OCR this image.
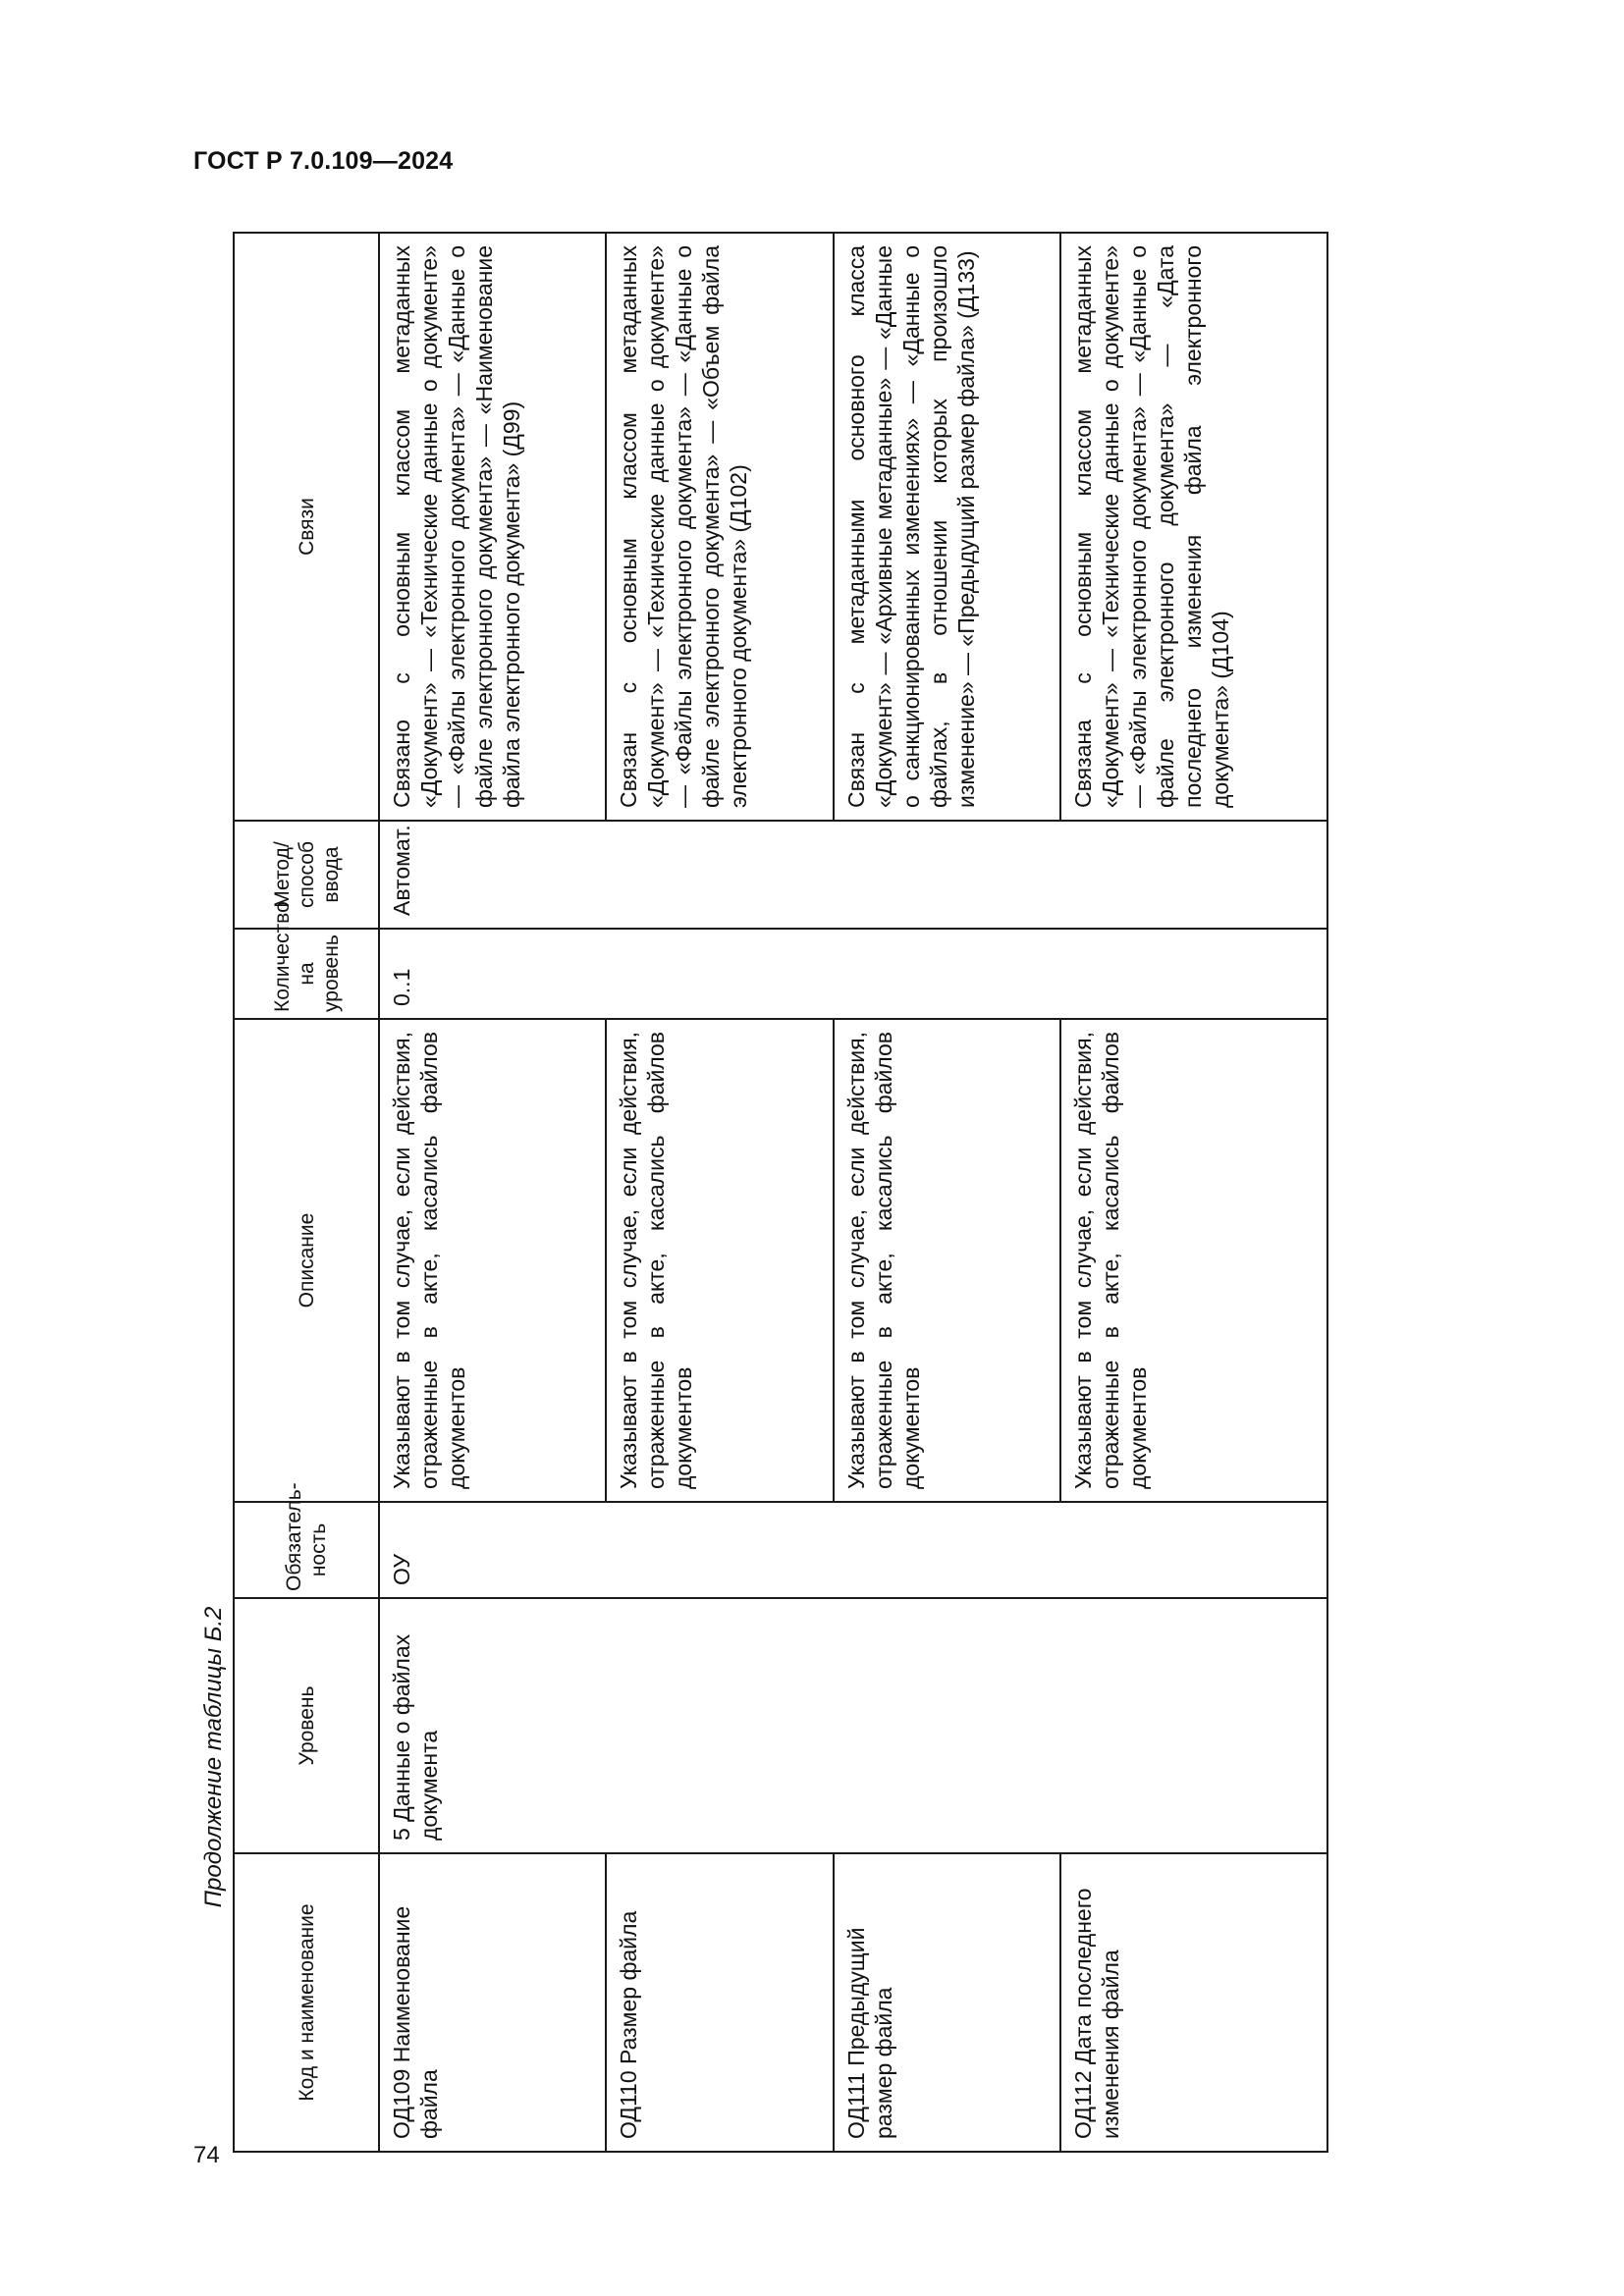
ГОСТ Р 7.0.109—2024
Продолжение таблицы Б.2
74
Код и наименование	Уровень	Обязатель-ность	Описание	Количество на уровень	Метод/ способ ввода	Связи
ОД109 Наименование файла	5 Данные о файлах документа	ОУ	Указывают в том случае, если действия, отраженные в акте, касались файлов документов	0..1	Автомат.	Связано с основным классом метаданных «Документ» — «Технические данные о документе» — «Файлы электронного документа» — «Данные о файле электронного документа» — «Наименование файла электронного документа» (Д99)
ОД110 Размер файла			Указывают в том случае, если действия, отраженные в акте, касались файлов документов			Связан с основным классом метаданных «Документ» — «Технические данные о документе» — «Файлы электронного документа» — «Данные о файле электронного документа» — «Объем файла электронного документа» (Д102)
ОД111 Предыдущий размер файла			Указывают в том случае, если действия, отраженные в акте, касались файлов документов			Связан с метаданными основного класса «Документ» — «Архивные метаданные» — «Данные о санкционированных изменениях» — «Данные о файлах, в отношении которых произошло изменение» — «Предыдущий размер файла» (Д133)
ОД112 Дата последнего изменения файла			Указывают в том случае, если действия, отраженные в акте, касались файлов документов			Связана с основным классом метаданных «Документ» — «Технические данные о документе» — «Файлы электронного документа» — «Данные о файле электронного документа» — «Дата последнего изменения файла электронного документа» (Д104)
